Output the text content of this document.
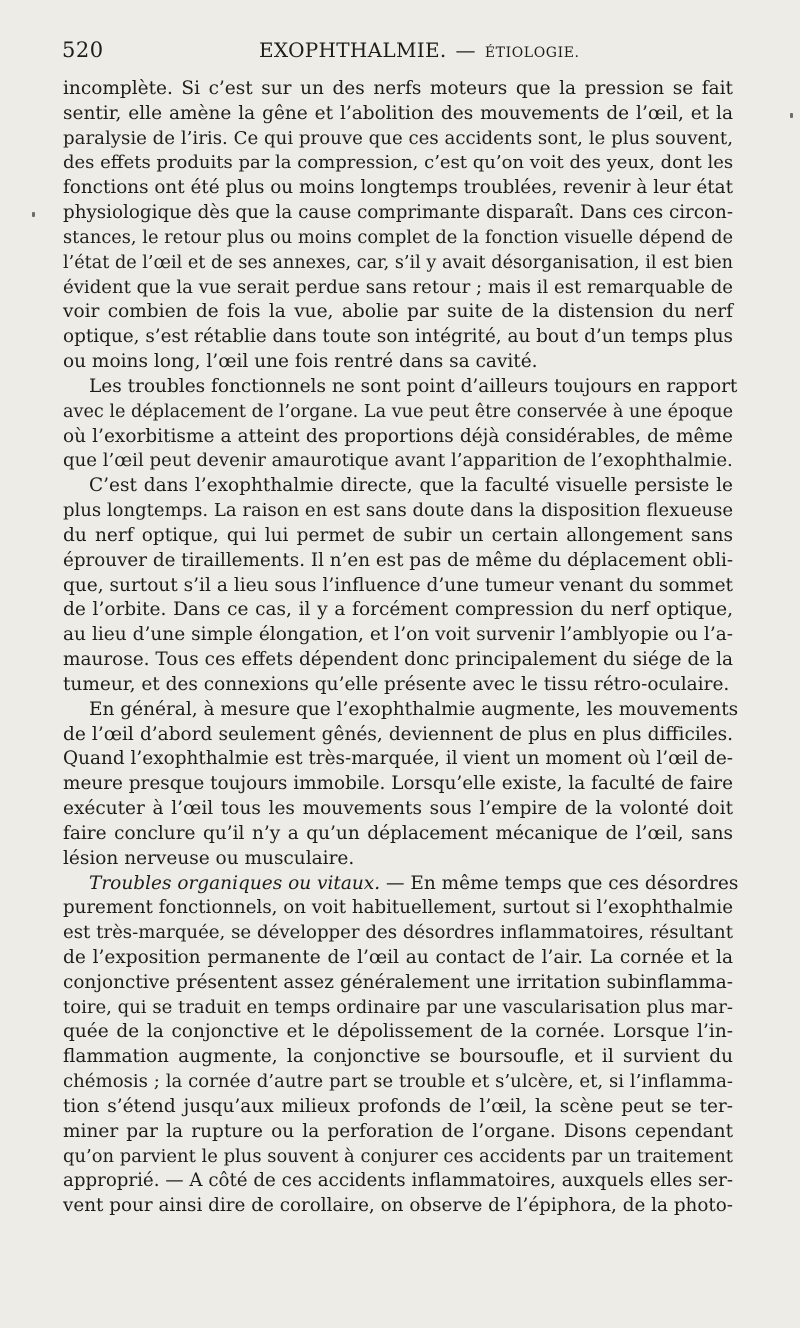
520	EXOPHTHALMIE. — ÉTIOLOGIE.
incomplète. Si c’est sur un des nerfs moteurs que la pression se fait
sentir, elle amène la gêne et l’abolition des mouvements de l’œil, et la
paralysie de l’iris. Ce qui prouve que ces accidents sont, le plus souvent,
des effets produits par la compression, c’est qu’on voit des yeux, dont les
fonctions ont été plus ou moins longtemps troublées, revenir à leur état
physiologique dès que la cause comprimante disparaît. Dans ces circon-
stances, le retour plus ou moins complet de la fonction visuelle dépend de
l’état de l’œil et de ses annexes, car, s’il y avait désorganisation, il est bien
évident que la vue serait perdue sans retour ; mais il est remarquable de
voir combien de fois la vue, abolie par suite de la distension du nerf
optique, s’est rétablie dans toute son intégrité, au bout d’un temps plus
ou moins long, l’œil une fois rentré dans sa cavité.
Les troubles fonctionnels ne sont point d’ailleurs toujours en rapport
avec le déplacement de l’organe. La vue peut être conservée à une époque
où l’exorbitisme a atteint des proportions déjà considérables, de même
que l’œil peut devenir amaurotique avant l’apparition de l’exophthalmie.
C’est dans l’exophthalmie directe, que la faculté visuelle persiste le
plus longtemps. La raison en est sans doute dans la disposition flexueuse
du nerf optique, qui lui permet de subir un certain allongement sans
éprouver de tiraillements. Il n’en est pas de même du déplacement obli-
que, surtout s’il a lieu sous l’influence d’une tumeur venant du sommet
de l’orbite. Dans ce cas, il y a forcément compression du nerf optique,
au lieu d’une simple élongation, et l’on voit survenir l’amblyopie ou l’a-
maurose. Tous ces effets dépendent donc principalement du siége de la
tumeur, et des connexions qu’elle présente avec le tissu rétro-oculaire.
En général, à mesure que l’exophthalmie augmente, les mouvements
de l’œil d’abord seulement gênés, deviennent de plus en plus difficiles.
Quand l’exophthalmie est très-marquée, il vient un moment où l’œil de-
meure presque toujours immobile. Lorsqu’elle existe, la faculté de faire
exécuter à l’œil tous les mouvements sous l’empire de la volonté doit
faire conclure qu’il n’y a qu’un déplacement mécanique de l’œil, sans
lésion nerveuse ou musculaire.
Troubles organiques ou vitaux. — En même temps que ces désordres
purement fonctionnels, on voit habituellement, surtout si l’exophthalmie
est très-marquée, se développer des désordres inflammatoires, résultant
de l’exposition permanente de l’œil au contact de l’air. La cornée et la
conjonctive présentent assez généralement une irritation subinflamma-
toire, qui se traduit en temps ordinaire par une vascularisation plus mar-
quée de la conjonctive et le dépolissement de la cornée. Lorsque l’in-
flammation augmente, la conjonctive se boursoufle, et il survient du
chémosis ; la cornée d’autre part se trouble et s’ulcère, et, si l’inflamma-
tion s’étend jusqu’aux milieux profonds de l’œil, la scène peut se ter-
miner par la rupture ou la perforation de l’organe. Disons cependant
qu’on parvient le plus souvent à conjurer ces accidents par un traitement
approprié. — A côté de ces accidents inflammatoires, auxquels elles ser-
vent pour ainsi dire de corollaire, on observe de l’épiphora, de la photo-
